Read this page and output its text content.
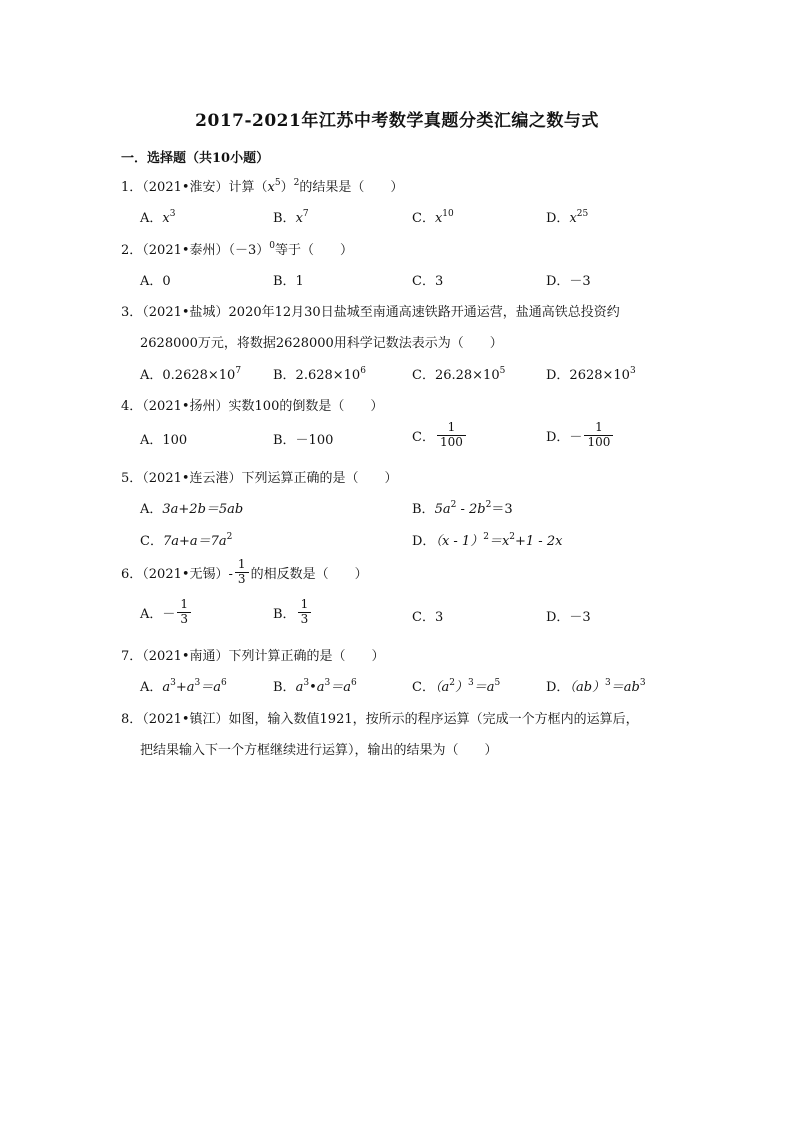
2017-2021年江苏中考数学真题分类汇编之数与式
一．选择题（共10小题）
1．（2021•淮安）计算$(x^5)^2$的结果是（　　）
A．$x^3$	B．$x^7$	C．$x^{10}$	D．$x^{25}$
2．（2021•泰州）$(-3)^0$等于（　　）
A．0	B．1	C．3	D．－3
3．（2021•盐城）2020年12月30日盐城至南通高速铁路开通运营，盐通高铁总投资约
2628000万元，将数据2628000用科学记数法表示为（　　）
A．$0.2628\times 10^7$ B．$2.628\times 10^6$	C．$26.28\times 10^5$	D．$2628\times 10^3$
4．（2021•扬州）实数100的倒数是（　　）
A．100	B．－100	C． $\frac{1}{100}$	D．－ $\frac{1}{100}$
5．（2021•连云港）下列运算正确的是（　　）
A．3a+2b＝5ab	B．$5a^2 - 2b^2=3$
C．$7a+a=7a^2$	D．$(x - 1)^2=x^2+1 - 2x$
6．（2021•无锡）- $\frac{1}{3}$ 的相反数是（　　）
A．－ $\frac{1}{3}$	B． $\frac{1}{3}$	C．3	D．－3
7．（2021•南通）下列计算正确的是（　　）
A．$a^3+a^3=a^6$	B．$a^3•a^3=a^6$	C．$(a^2)^3=a^5$	D．$(ab)^3=ab^3$
8．（2021•镇江）如图，输入数值1921，按所示的程序运算（完成一个方框内的运算后，
把结果输入下一个方框继续进行运算），输出的结果为（　　）
